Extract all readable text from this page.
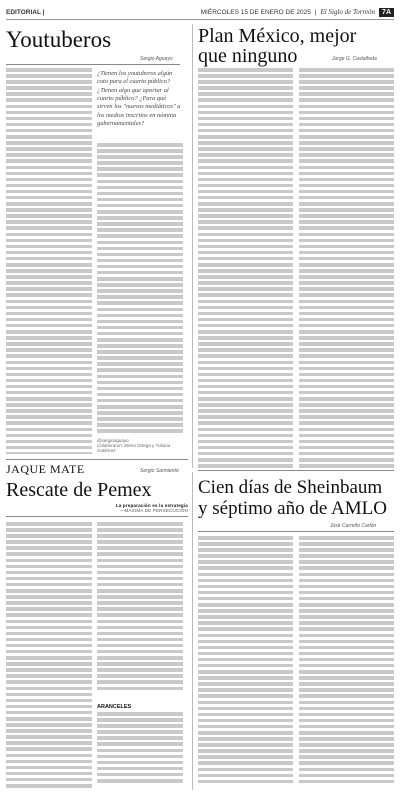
EDITORIAL |	MIÉRCOLES 15 DE ENERO DE 2025 | El Siglo de Torreón	7A
Youtuberos
Sergio Aguayo
¿Tienen los youtuberos algún coto para el cuarto público? ¿Tienen algo que aportar al cuarto público? ¿Para qué sirven los "nuevos mediáticos" a los medios inscritos en nómina gubernamentales?
@sergioaguayo
Colaboraron: Elena Ortega y Yuliana Gutiérrez
Plan México, mejor
que ninguno	Jorge G. Castañeda
JAQUE MATE	Sergio Sarmiento
Rescate de Pemex
La preparación es la estrategia
—MAXIMA DE PERSECUCIÓN
ARANCELES
Cien días de Sheinbaum
y séptimo año de AMLO
José Carreño Carlón
